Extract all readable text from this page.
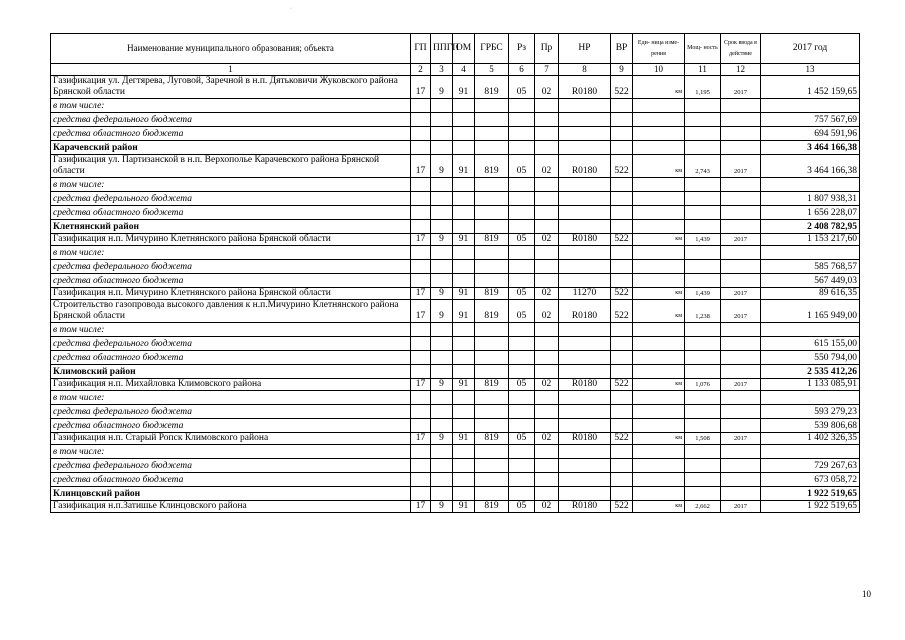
·
Наименование муниципального образования; объекта	ГП	ППГП	ОМ	ГРБС	Рз	Пр	НР	ВР	Еди- ница изме- рения	Мощ- ность	Срок ввода в действие	2017 год
1	2	3	4	5	6	7	8	9	10	11	12	13
Газификация ул. Дегтярева, Луговой, Заречной в н.п. Дятьковичи Жуковского района Брянской области	17	9	91	819	05	02	R0180	522	км	1,195	2017	1 452 159,65
в том числе:												
средства федерального бюджета												757 567,69
средства областного бюджета												694 591,96
Карачевский район												3 464 166,38
Газификация ул. Партизанской в н.п. Верхополье Карачевского района Брянской области	17	9	91	819	05	02	R0180	522	км	2,743	2017	3 464 166,38
в том числе:												
средства федерального бюджета												1 807 938,31
средства областного бюджета												1 656 228,07
Клетнянский район												2 408 782,95
Газификация н.п. Мичурино Клетнянского района Брянской области	17	9	91	819	05	02	R0180	522	км	1,439	2017	1 153 217,60
в том числе:												
средства федерального бюджета												585 768,57
средства областного бюджета												567 449,03
Газификация н.п. Мичурино Клетнянского района Брянской области	17	9	91	819	05	02	11270	522	км	1,439	2017	89 616,35
Строительство газопровода высокого давления к н.п.Мичурино Клетнянского района Брянской области	17	9	91	819	05	02	R0180	522	км	1,238	2017	1 165 949,00
в том числе:												
средства федерального бюджета												615 155,00
средства областного бюджета												550 794,00
Климовский район												2 535 412,26
Газификация н.п. Михайловка Климовского района	17	9	91	819	05	02	R0180	522	км	1,076	2017	1 133 085,91
в том числе:												
средства федерального бюджета												593 279,23
средства областного бюджета												539 806,68
Газификация н.п. Старый Ропск Климовского района	17	9	91	819	05	02	R0180	522	км	1,508	2017	1 402 326,35
в том числе:												
средства федерального бюджета												729 267,63
средства областного бюджета												673 058,72
Клинцовский район												1 922 519,65
Газификация н.п.Затишье Клинцовского района	17	9	91	819	05	02	R0180	522	км	2,662	2017	1 922 519,65
10
